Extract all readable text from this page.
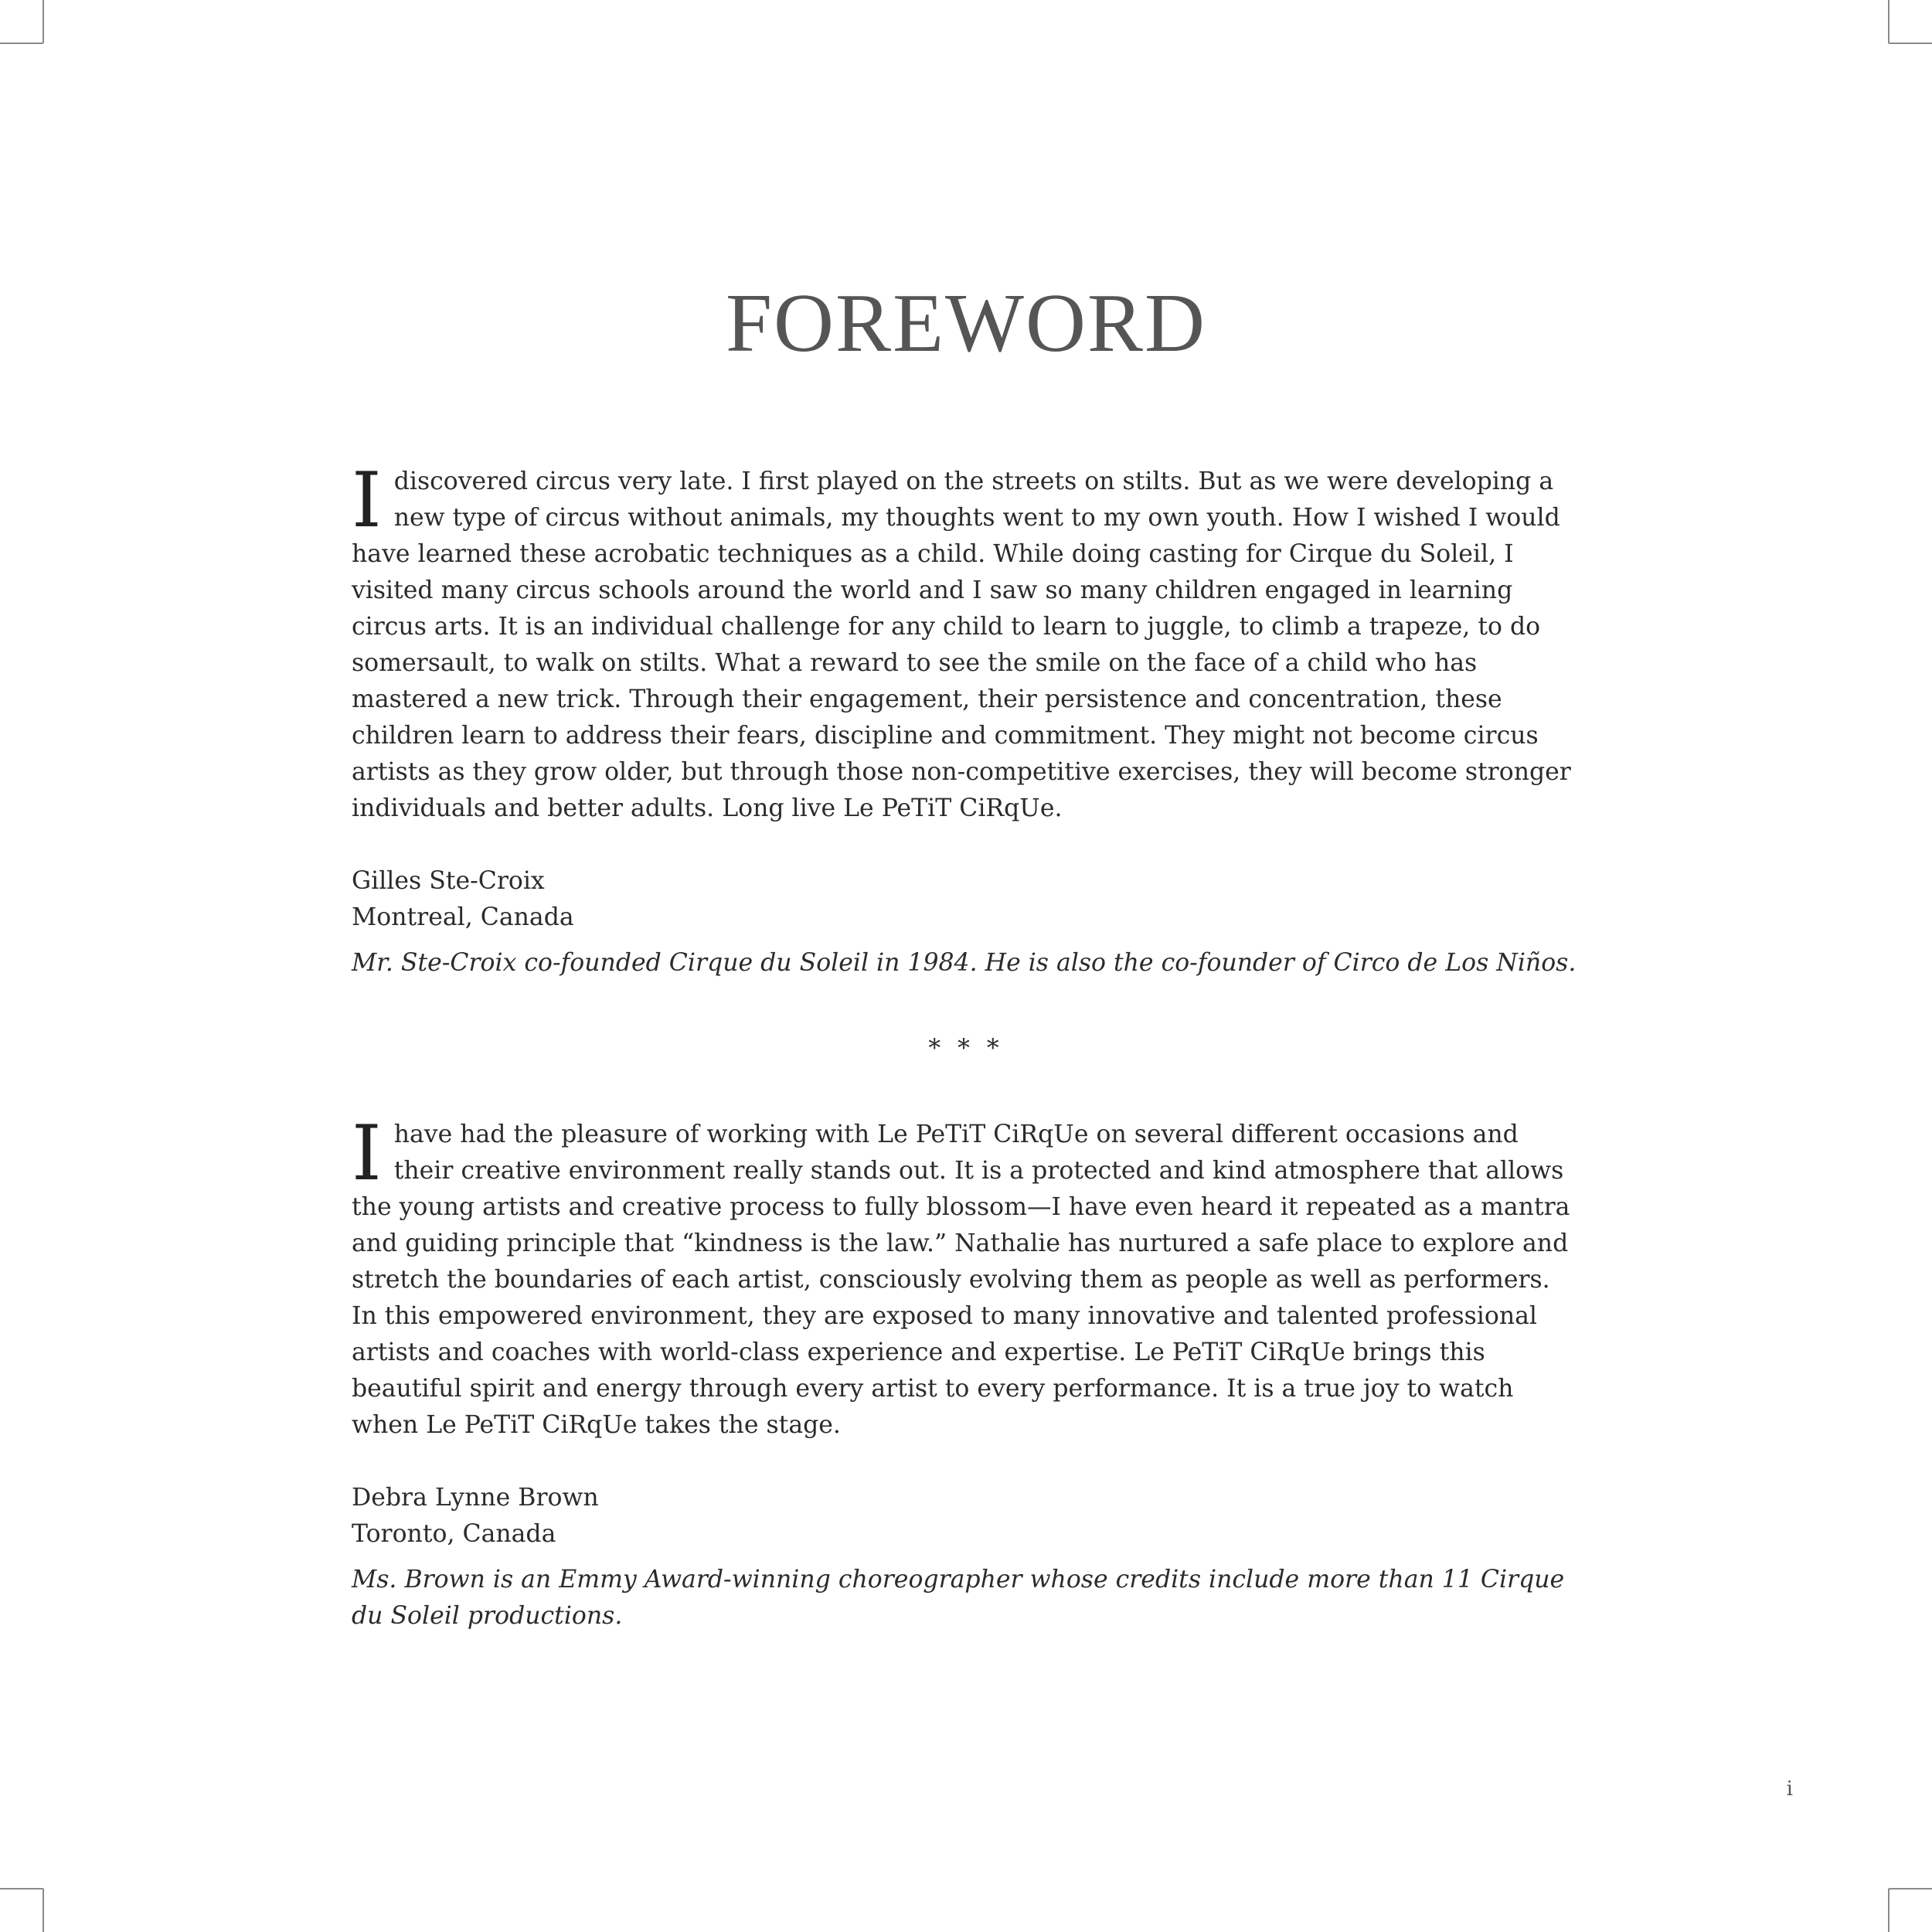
FOREWORD

Idiscovered circus very late. I first played on the streets on stilts. But as we were developing a new type of circus without animals, my thoughts went to my own youth. How I wished I would have learned these acrobatic techniques as a child. While doing casting for Cirque du Soleil, I visited many circus schools around the world and I saw so many children engaged in learning circus arts. It is an individual challenge for any child to learn to juggle, to climb a trapeze, to do somersault, to walk on stilts. What a reward to see the smile on the face of a child who has mastered a new trick. Through their engagement, their persistence and concentration, these children learn to address their fears, discipline and commitment. They might not become circus artists as they grow older, but through those non-competitive exercises, they will become stronger individuals and better adults. Long live Le PeTiT CiRqUe.

Gilles Ste-Croix

Montreal, Canada

Mr. Ste-Croix co-founded Cirque du Soleil in 1984. He is also the co-founder of Circo de Los Niños.

* * *

Ihave had the pleasure of working with Le PeTiT CiRqUe on several different occasions and their creative environment really stands out. It is a protected and kind atmosphere that allows the young artists and creative process to fully blossom—I have even heard it repeated as a mantra and guiding principle that “kindness is the law.” Nathalie has nurtured a safe place to explore and stretch the boundaries of each artist, consciously evolving them as people as well as performers. In this empowered environment, they are exposed to many innovative and talented professional artists and coaches with world-class experience and expertise. Le PeTiT CiRqUe brings this beautiful spirit and energy through every artist to every performance. It is a true joy to watch when Le PeTiT CiRqUe takes the stage.

Debra Lynne Brown

Toronto, Canada

Ms. Brown is an Emmy Award-winning choreographer whose credits include more than 11 Cirque du Soleil productions.

i
